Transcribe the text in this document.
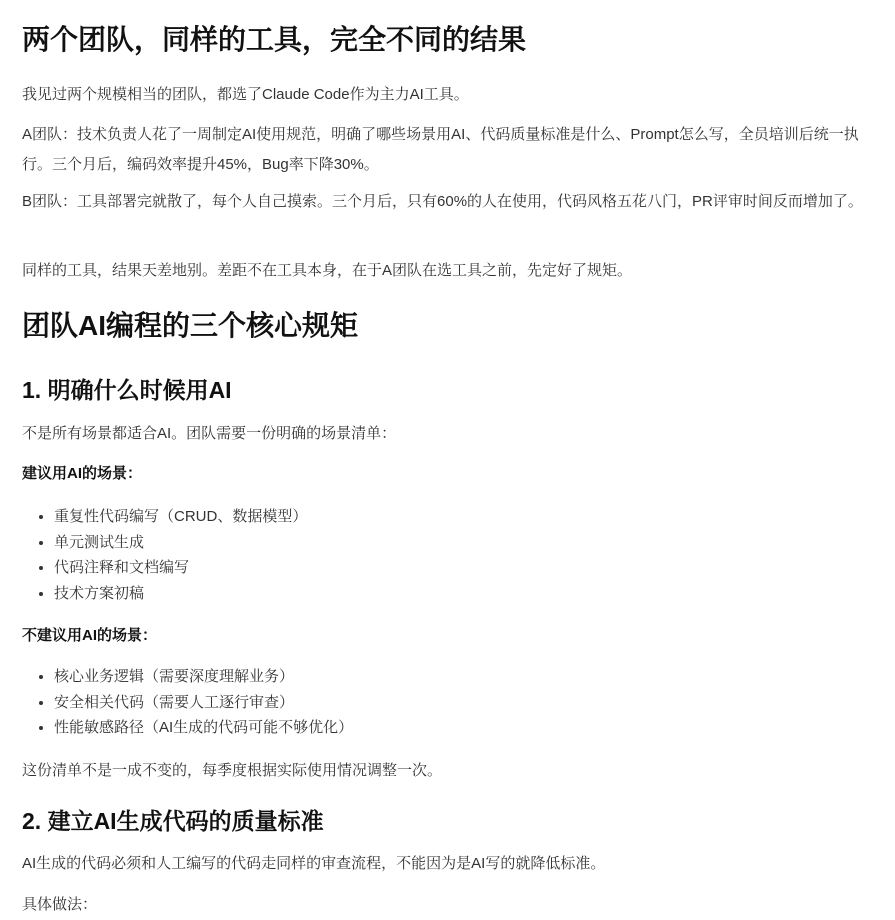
两个团队，同样的工具，完全不同的结果

我见过两个规模相当的团队，都选了Claude Code作为主力AI工具。

A团队：技术负责人花了一周制定AI使用规范，明确了哪些场景用AI、代码质量标准是什么、Prompt怎么写，全员培训后统一执行。三个月后，编码效率提升45%，Bug率下降30%。

B团队：工具部署完就散了，每个人自己摸索。三个月后，只有60%的人在使用，代码风格五花八门，PR评审时间反而增加了。

同样的工具，结果天差地别。差距不在工具本身，在于A团队在选工具之前，先定好了规矩。

团队AI编程的三个核心规矩
1. 明确什么时候用AI

不是所有场景都适合AI。团队需要一份明确的场景清单：

建议用AI的场景：

• 重复性代码编写（CRUD、数据模型）
• 单元测试生成
• 代码注释和文档编写
• 技术方案初稿

不建议用AI的场景：

• 核心业务逻辑（需要深度理解业务）
• 安全相关代码（需要人工逐行审查）
• 性能敏感路径（AI生成的代码可能不够优化）

这份清单不是一成不变的，每季度根据实际使用情况调整一次。

2. 建立AI生成代码的质量标准

AI生成的代码必须和人工编写的代码走同样的审查流程，不能因为是AI写的就降低标准。

具体做法：
